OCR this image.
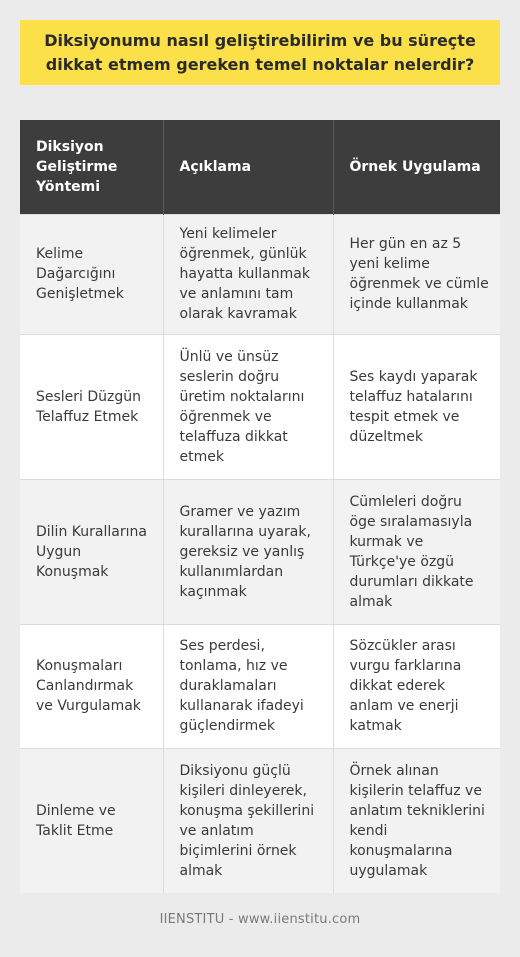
Diksiyonumu nasıl geliştirebilirim ve bu süreçte dikkat etmem gereken temel noktalar nelerdir?
Diksiyon Geliştirme Yöntemi	Açıklama	Örnek Uygulama
Kelime Dağarcığını Genişletmek	Yeni kelimeler öğrenmek, günlük hayatta kullanmak ve anlamını tam olarak kavramak	Her gün en az 5 yeni kelime öğrenmek ve cümle içinde kullanmak
Sesleri Düzgün Telaffuz Etmek	Ünlü ve ünsüz seslerin doğru üretim noktalarını öğrenmek ve telaffuza dikkat etmek	Ses kaydı yaparak telaffuz hatalarını tespit etmek ve düzeltmek
Dilin Kurallarına Uygun Konuşmak	Gramer ve yazım kurallarına uyarak, gereksiz ve yanlış kullanımlardan kaçınmak	Cümleleri doğru öge sıralamasıyla kurmak ve Türkçe'ye özgü durumları dikkate almak
Konuşmaları Canlandırmak ve Vurgulamak	Ses perdesi, tonlama, hız ve duraklamaları kullanarak ifadeyi güçlendirmek	Sözcükler arası vurgu farklarına dikkat ederek anlam ve enerji katmak
Dinleme ve Taklit Etme	Diksiyonu güçlü kişileri dinleyerek, konuşma şekillerini ve anlatım biçimlerini örnek almak	Örnek alınan kişilerin telaffuz ve anlatım tekniklerini kendi konuşmalarına uygulamak
IIENSTITU - www.iienstitu.com
